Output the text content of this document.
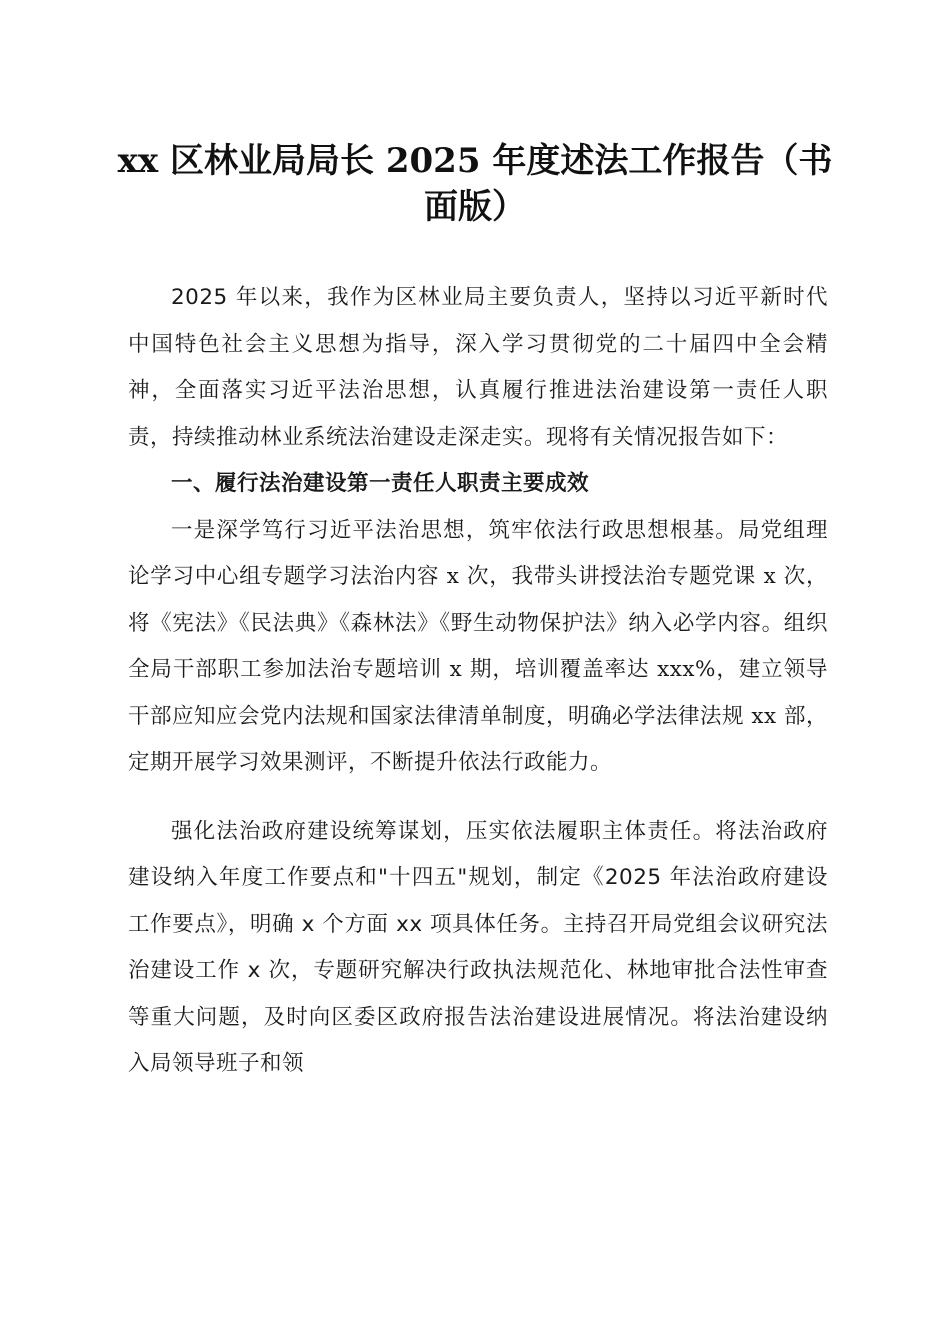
xx 区林业局局长 2025 年度述法工作报告（书面版）

2025 年以来，我作为区林业局主要负责人，坚持以习近平新时代中国特色社会主义思想为指导，深入学习贯彻党的二十届四中全会精神，全面落实习近平法治思想，认真履行推进法治建设第一责任人职责，持续推动林业系统法治建设走深走实。现将有关情况报告如下：

一、履行法治建设第一责任人职责主要成效

一是深学笃行习近平法治思想，筑牢依法行政思想根基。局党组理论学习中心组专题学习法治内容 x 次，我带头讲授法治专题党课 x 次，将《宪法》《民法典》《森林法》《野生动物保护法》纳入必学内容。组织全局干部职工参加法治专题培训 x 期，培训覆盖率达 xxx%，建立领导干部应知应会党内法规和国家法律清单制度，明确必学法律法规 xx 部，定期开展学习效果测评，不断提升依法行政能力。

强化法治政府建设统筹谋划，压实依法履职主体责任。将法治政府建设纳入年度工作要点和"十四五"规划，制定《2025 年法治政府建设工作要点》，明确 x 个方面 xx 项具体任务。主持召开局党组会议研究法治建设工作 x 次，专题研究解决行政执法规范化、林地审批合法性审查等重大问题，及时向区委区政府报告法治建设进展情况。将法治建设纳入局领导班子和领
